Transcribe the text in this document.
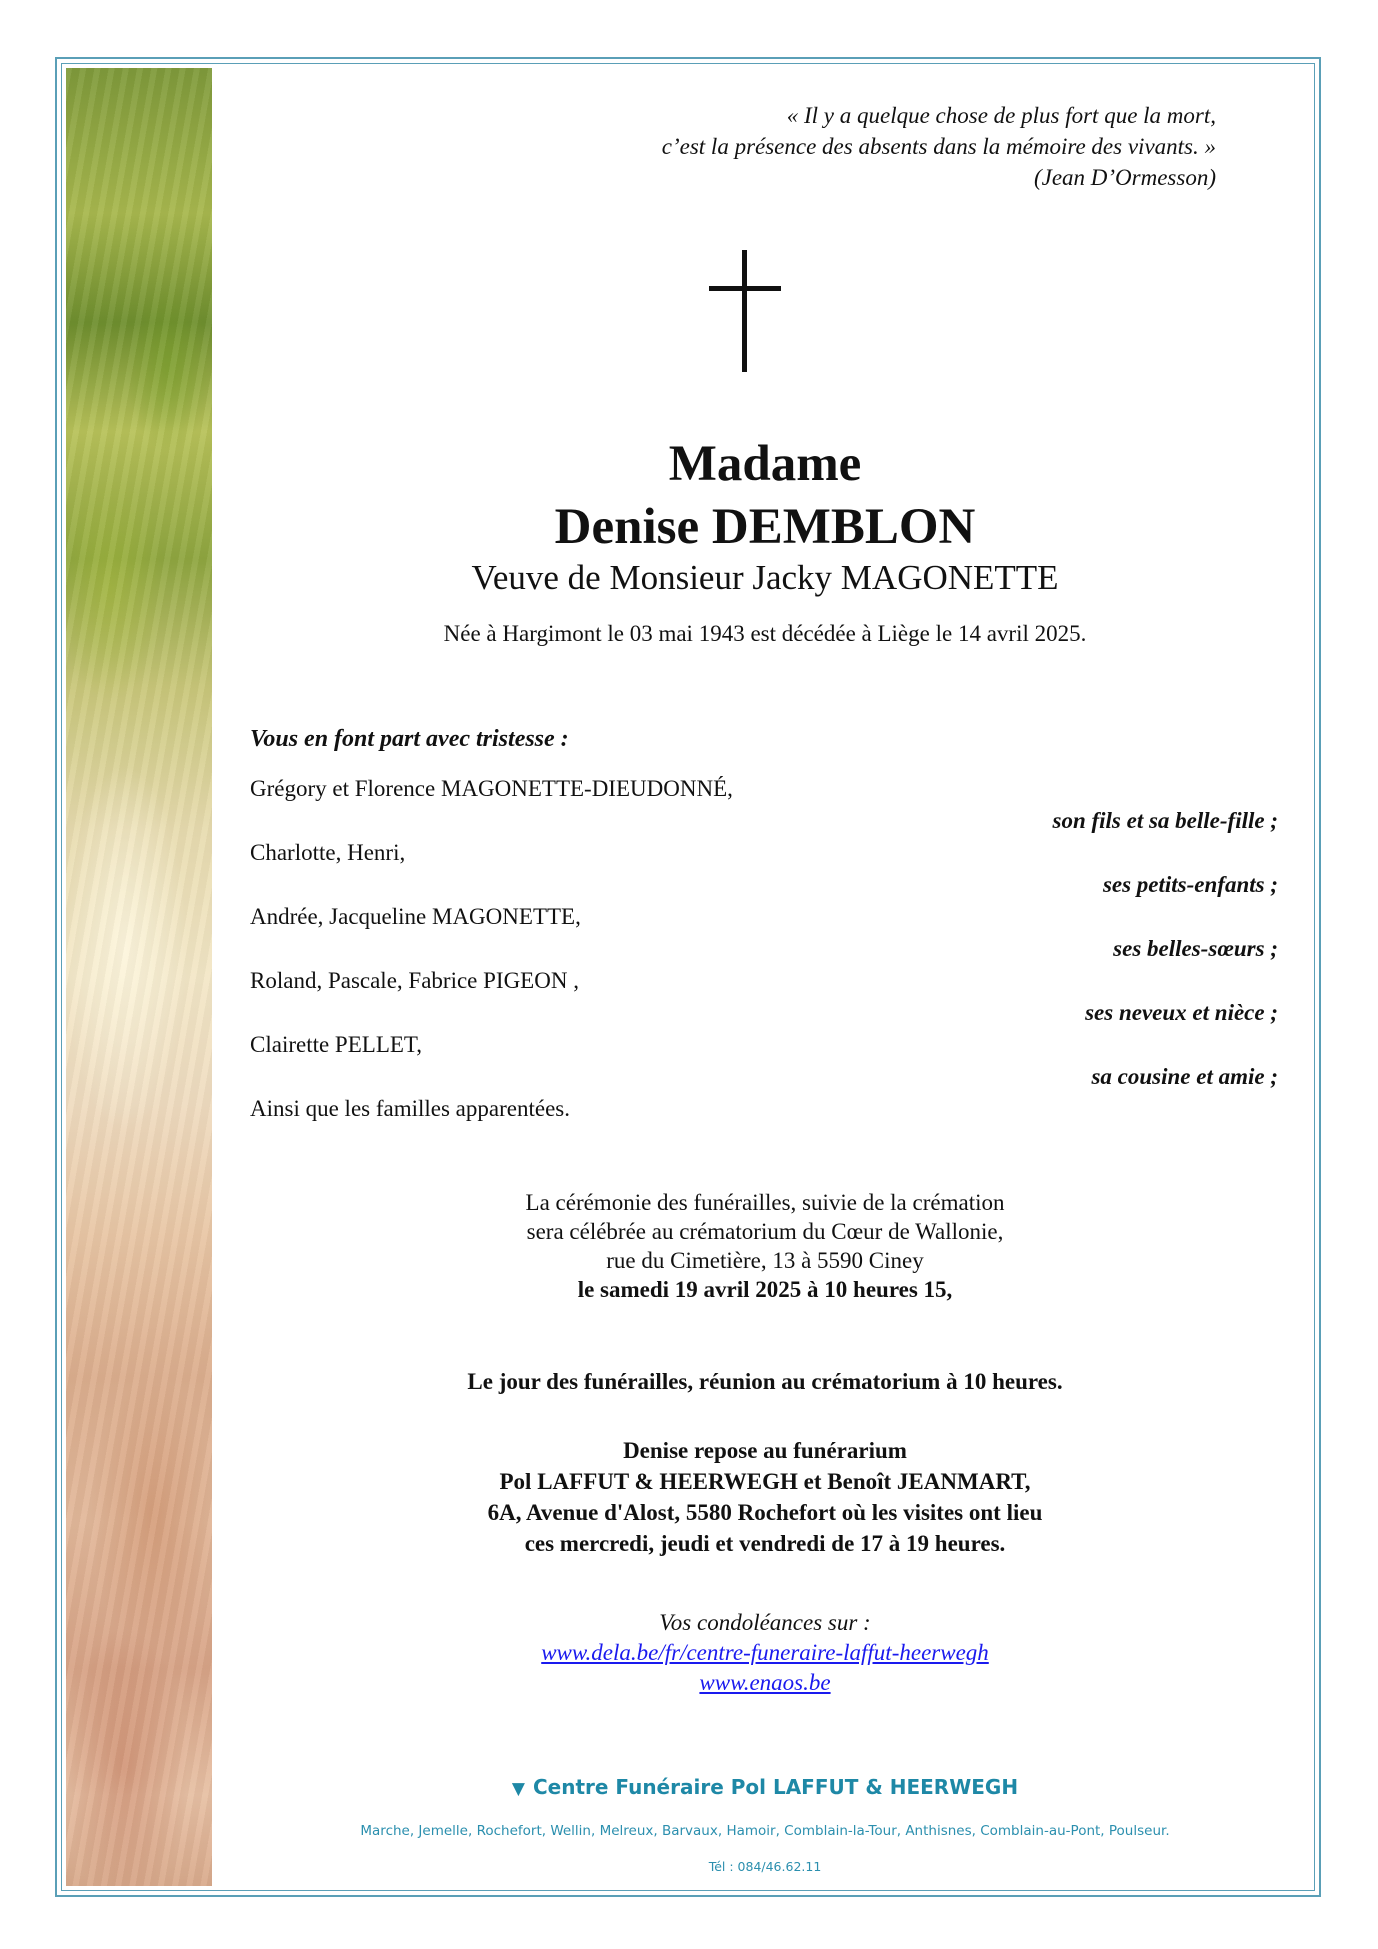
« Il y a quelque chose de plus fort que la mort,
c’est la présence des absents dans la mémoire des vivants. »
(Jean D’Ormesson)
Madame
Denise DEMBLON
Veuve de Monsieur Jacky MAGONETTE
Née à Hargimont le 03 mai 1943 est décédée à Liège le 14 avril 2025.
Vous en font part avec tristesse :
Grégory et Florence MAGONETTE-DIEUDONNÉ,
son fils et sa belle-fille ;
Charlotte, Henri,
ses petits-enfants ;
Andrée, Jacqueline MAGONETTE,
ses belles-sœurs ;
Roland, Pascale, Fabrice PIGEON ,
ses neveux et nièce ;
Clairette PELLET,
sa cousine et amie ;
Ainsi que les familles apparentées.
La cérémonie des funérailles, suivie de la crémation
sera célébrée au crématorium du Cœur de Wallonie,
rue du Cimetière, 13 à 5590 Ciney
le samedi 19 avril 2025 à 10 heures 15,
Le jour des funérailles, réunion au crématorium à 10 heures.
Denise repose au funérarium
Pol LAFFUT & HEERWEGH et Benoît JEANMART,
6A, Avenue d'Alost, 5580 Rochefort où les visites ont lieu
ces mercredi, jeudi et vendredi de 17 à 19 heures.
Vos condoléances sur :
www.dela.be/fr/centre-funeraire-laffut-heerwegh
www.enaos.be
▼ Centre Funéraire Pol LAFFUT & HEERWEGH
Marche, Jemelle, Rochefort, Wellin, Melreux, Barvaux, Hamoir, Comblain-la-Tour, Anthisnes, Comblain-au-Pont, Poulseur.
Tél : 084/46.62.11
